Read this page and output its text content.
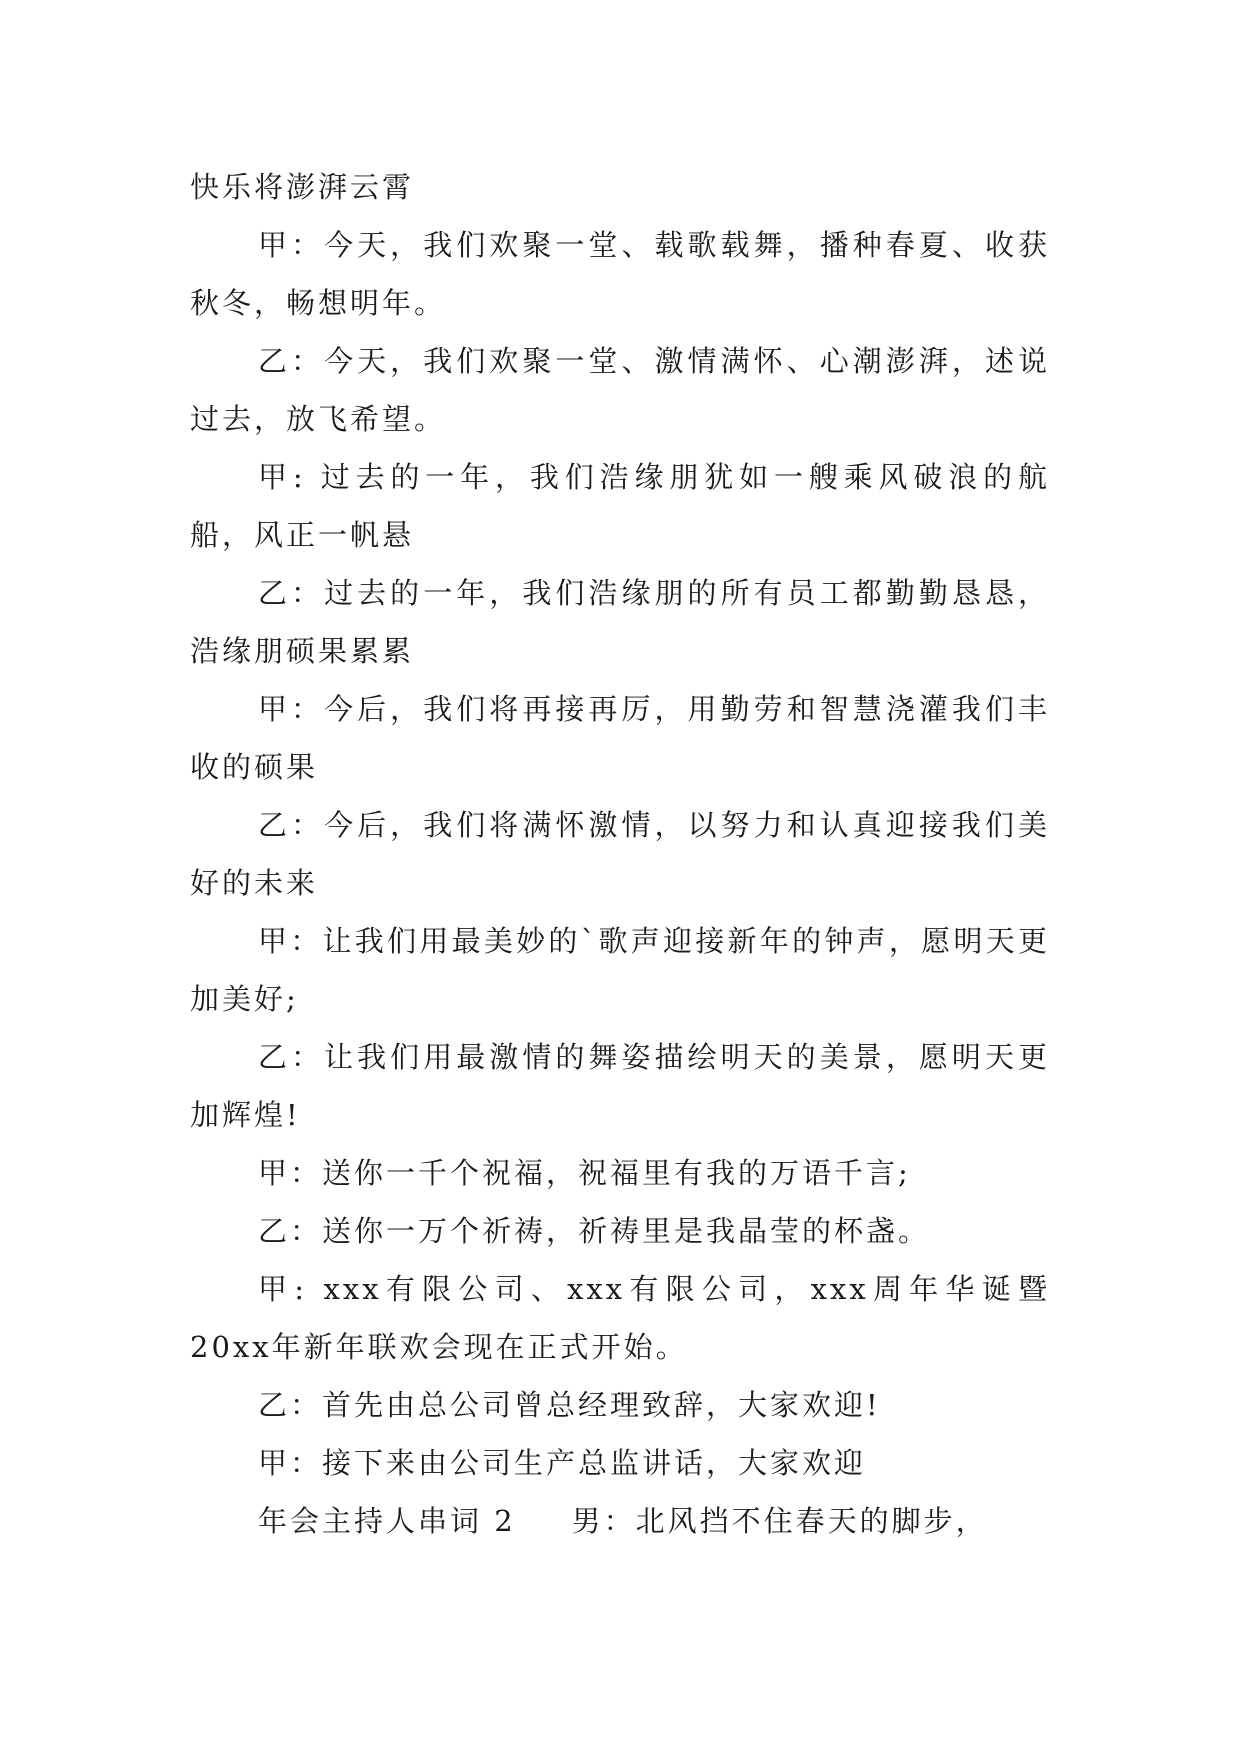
快乐将澎湃云霄

甲：今天，我们欢聚一堂、载歌载舞，播种春夏、收获秋冬，畅想明年。

乙：今天，我们欢聚一堂、激情满怀、心潮澎湃，述说过去，放飞希望。

甲: 过去的一年，我们浩缘朋犹如一艘乘风破浪的航船，风正一帆悬

乙：过去的一年，我们浩缘朋的所有员工都勤勤恳恳，浩缘朋硕果累累

甲：今后，我们将再接再厉，用勤劳和智慧浇灌我们丰收的硕果

乙：今后，我们将满怀激情，以努力和认真迎接我们美好的未来

甲：让我们用最美妙的`歌声迎接新年的钟声，愿明天更加美好;

乙：让我们用最激情的舞姿描绘明天的美景，愿明天更加辉煌!

甲：送你一千个祝福，祝福里有我的万语千言;

乙：送你一万个祈祷，祈祷里是我晶莹的杯盏。

甲: xxx有限公司、xxx有限公司，xxx周年华诞暨20xx年新年联欢会现在正式开始。

乙：首先由总公司曾总经理致辞，大家欢迎!

甲：接下来由公司生产总监讲话，大家欢迎

年会主持人串词 2 男：北风挡不住春天的脚步，
